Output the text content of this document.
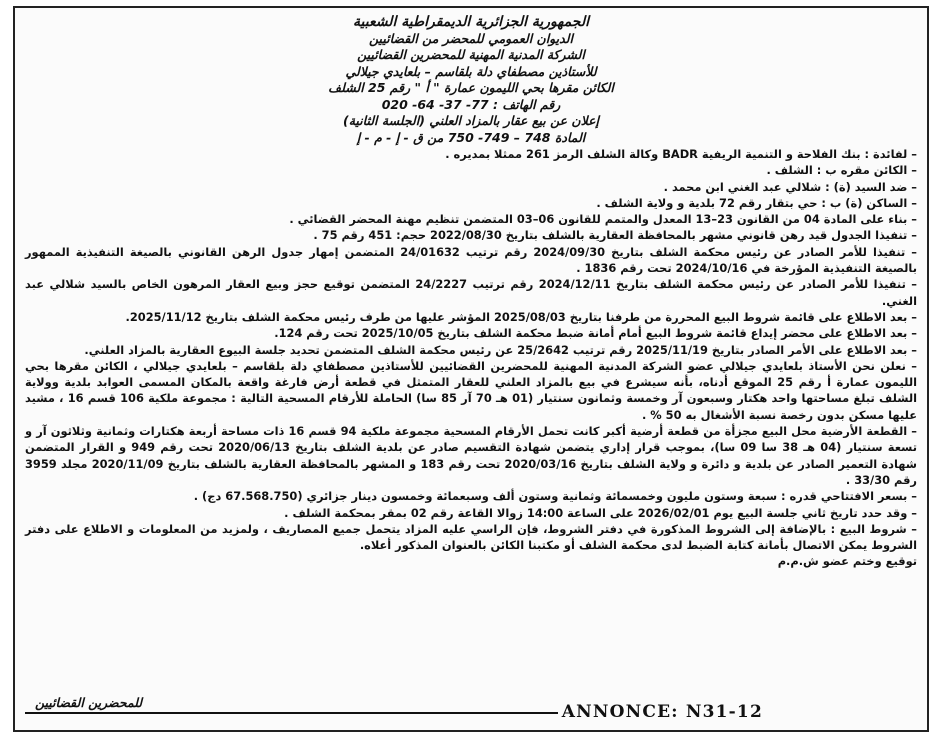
الجمهورية الجزائرية الديمقراطية الشعبية
الديوان العمومي للمحضر من القضائيين
الشركة المدنية المهنية للمحضرين القضائيين
للأستاذين مصطفاي دلة بلقاسم – بلعايدي جيلالي
الكائن مقرها بحي الليمون عمارة " أ " رقم 25 الشلف
رقم الهاتف : 77- 37- 64- 020
إعلان عن بيع عقار بالمزاد العلني (الجلسة الثانية)
المادة 748 – 749- 750 من ق - إ - م - إ
– لفائدة : بنك الفلاحة و التنمية الريفية BADR وكالة الشلف الرمز 261 ممثلا بمديره .
– الكائن مقره ب : الشلف .
– ضد السيد (ة) : شلالي عبد الغني ابن محمد .
– الساكن (ة) ب : حي بتقار رقم 72 بلدية و ولاية الشلف .
– بناء على المادة 04 من القانون 23–13 المعدل والمتمم للقانون 06–03 المتضمن تنظيم مهنة المحضر القضائي .
– تنفيذا الجدول قيد رهن قانوني مشهر بالمحافظة العقارية بالشلف بتاريخ 2022/08/30 حجم: 451 رقم 75 .
– تنفيذا للأمر الصادر عن رئيس محكمة الشلف بتاريخ 2024/09/30 رقم ترتيب 24/01632 المتضمن إمهار جدول الرهن القانوني بالصيغة التنفيذية الممهور بالصيغة التنفيذية المؤرخة في 2024/10/16 تحت رقم 1836 .
– تنفيذا للأمر الصادر عن رئيس محكمة الشلف بتاريخ 2024/12/11 رقم ترتيب 24/2227 المتضمن توقيع حجز وبيع العقار المرهون الخاص بالسيد شلالي عبد الغني.
– بعد الاطلاع على قائمة شروط البيع المحررة من طرفنا بتاريخ 2025/08/03 المؤشر عليها من طرف رئيس محكمة الشلف بتاريخ 2025/11/12.
– بعد الاطلاع على محضر إيداع قائمة شروط البيع أمام أمانة ضبط محكمة الشلف بتاريخ 2025/10/05 تحت رقم 124.
– بعد الاطلاع على الأمر الصادر بتاريخ 2025/11/19 رقم ترتيب 25/2642 عن رئيس محكمة الشلف المتضمن تحديد جلسة البيوع العقارية بالمزاد العلني.
– نعلن نحن الأستاذ بلعايدي جيلالي عضو الشركة المدنية المهنية للمحضرين القضائيين للأستاذين مصطفاي دلة بلقاسم – بلعايدي جيلالي ، الكائن مقرها بحي الليمون عمارة أ رقم 25 الموقع أدناه، بأنه سيشرع في بيع بالمزاد العلني للعقار المتمثل في قطعة أرض فارغة واقعة بالمكان المسمى العوابد بلدية وولاية الشلف تبلغ مساحتها واحد هكتار وسبعون آر وخمسة وثمانون سنتيار (01 هـ 70 آر 85 سا) الحاملة للأرقام المسحية التالية : مجموعة ملكية 106 قسم 16 ، مشيد عليها مسكن بدون رخصة نسبة الأشغال به 50 % .
– القطعة الأرضية محل البيع مجزأة من قطعة أرضية أكبر كانت تحمل الأرقام المسحية مجموعة ملكية 94 قسم 16 ذات مساحة أربعة هكتارات وثمانية وثلاثون آر و تسعة سنتيار (04 هـ 38 سا 09 سا)، بموجب قرار إداري يتضمن شهادة التقسيم صادر عن بلدية الشلف بتاريخ 2020/06/13 تحت رقم 949 و القرار المتضمن شهادة التعمير الصادر عن بلدية و دائرة و ولاية الشلف بتاريخ 2020/03/16 تحت رقم 183 و المشهر بالمحافظة العقارية بالشلف بتاريخ 2020/11/09 مجلد 3959 رقم 33/30 .
– بسعر الافتتاحي قدره : سبعة وستون مليون وخمسمائة وثمانية وستون ألف وسبعمائة وخمسون دينار جزائري (67.568.750 دج) .
– وقد حدد تاريخ ثاني جلسة البيع يوم 2026/02/01 على الساعة 14:00 زوالا القاعة رقم 02 بمقر بمحكمة الشلف .
– شروط البيع : بالإضافة إلى الشروط المذكورة في دفتر الشروط، فإن الراسي عليه المزاد يتحمل جميع المصاريف ، ولمزيد من المعلومات و الاطلاع على دفتر الشروط يمكن الاتصال بأمانة كتابة الضبط لدى محكمة الشلف أو مكتبنا الكائن بالعنوان المذكور أعلاه.
توقيع وختم عضو ش.م.م
للمحضرين القضائيين	ANNONCE: N31-12
